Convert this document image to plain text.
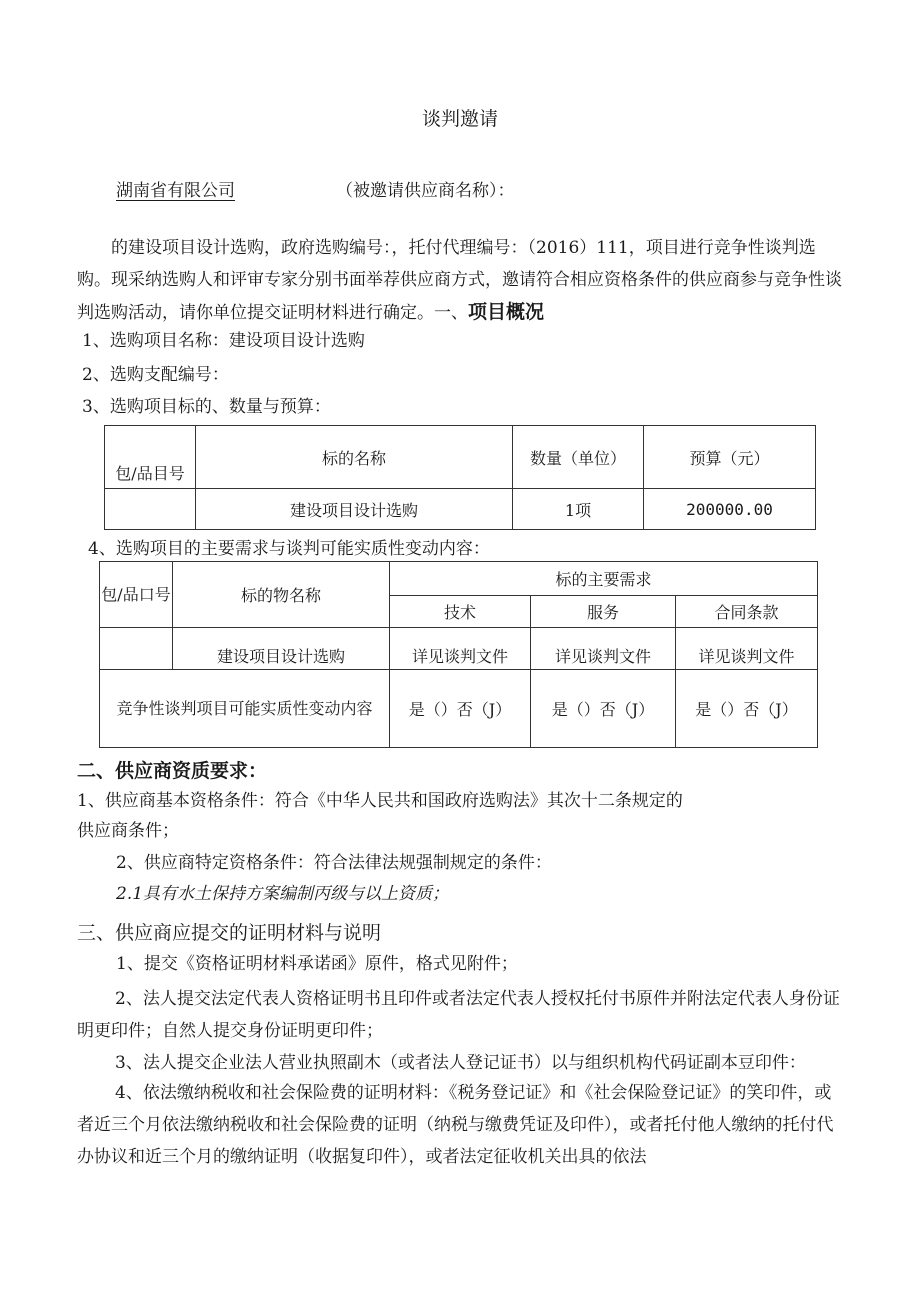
谈判邀请
湖南省有限公司	（被邀请供应商名称）：
的建设项目设计选购，政府选购编号：，托付代理编号：（2016）111，项目进行竞争性谈判选购。现采纳选购人和评审专家分别书面举荐供应商方式，邀请符合相应资格条件的供应商参与竞争性谈判选购活动，请你单位提交证明材料进行确定。一、项目概况
1、选购项目名称：建设项目设计选购
2、选购支配编号：
3、选购项目标的、数量与预算：
包/品目号	标的名称	数量（单位）	预算（元）
	建设项目设计选购	1项	200000.00
4、选购项目的主要需求与谈判可能实质性变动内容：
包/品口号	标的物名称	标的主要需求		
		技术	服务	合同条款
	建设项目设计选购	详见谈判文件	详见谈判文件	详见谈判文件
竞争性谈判项目可能实质性变动内容		是（）否（J）	是（）否（J）	是（）否（J）
二、供应商资质要求：
1、供应商基本资格条件：符合《中华人民共和国政府选购法》其次十二条规定的
供应商条件；
2、供应商特定资格条件：符合法律法规强制规定的条件：
2.1具有水土保持方案编制丙级与以上资质；
三、供应商应提交的证明材料与说明
1、提交《资格证明材料承诺函》原件，格式见附件；
2、法人提交法定代表人资格证明书且印件或者法定代表人授权托付书原件并附法定代表人身份证明更印件；自然人提交身份证明更印件；
3、法人提交企业法人营业执照副木（或者法人登记证书）以与组织机构代码证副本豆印件：
4、依法缴纳税收和社会保险费的证明材料：《税务登记证》和《社会保险登记证》的笑印件，或者近三个月依法缴纳税收和社会保险费的证明（纳税与缴费凭证及印件），或者托付他人缴纳的托付代办协议和近三个月的缴纳证明（收据复印件），或者法定征收机关出具的依法
